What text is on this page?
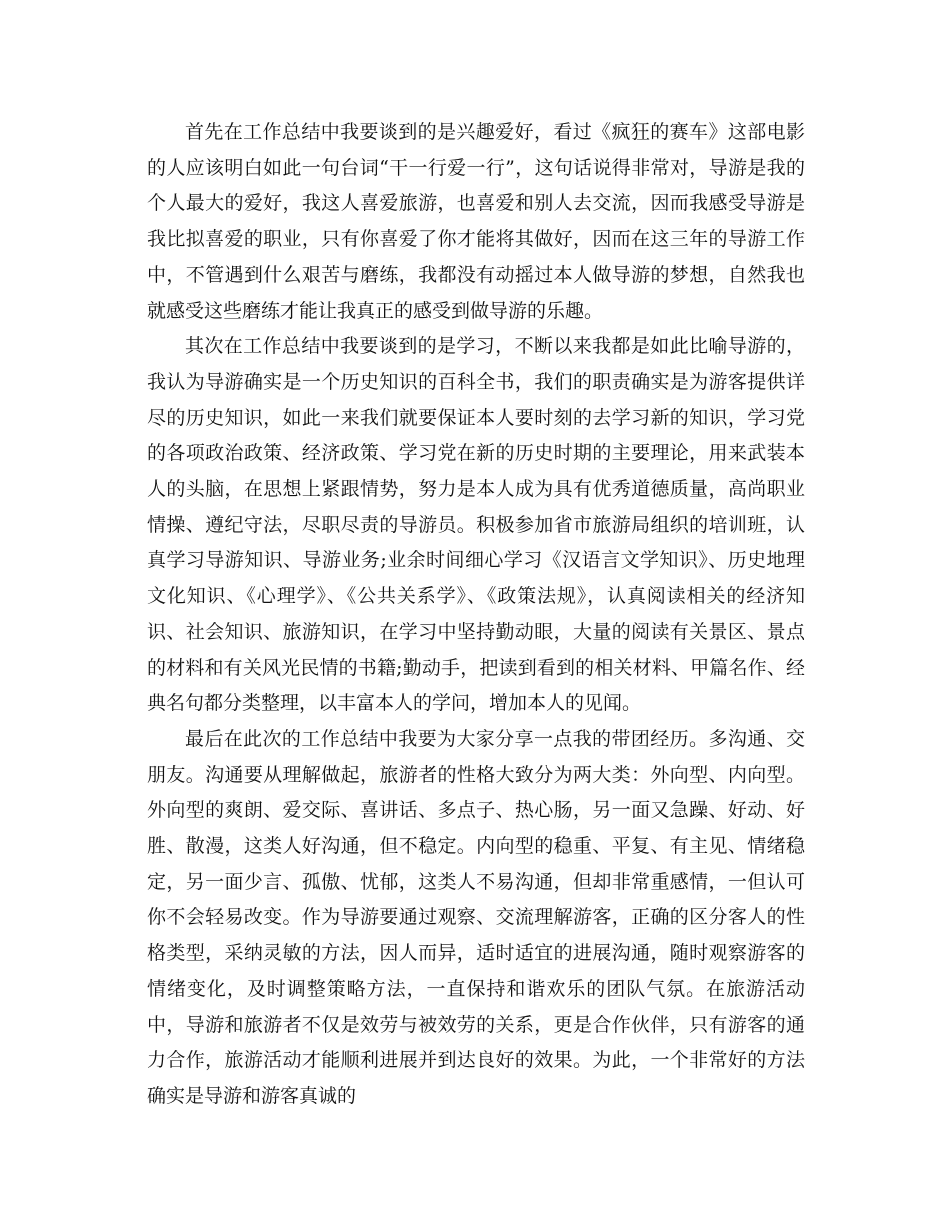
首先在工作总结中我要谈到的是兴趣爱好，看过《疯狂的赛车》这部电影的人应该明白如此一句台词“干一行爱一行”，这句话说得非常对，导游是我的个人最大的爱好，我这人喜爱旅游，也喜爱和别人去交流，因而我感受导游是我比拟喜爱的职业，只有你喜爱了你才能将其做好，因而在这三年的导游工作中，不管遇到什么艰苦与磨练，我都没有动摇过本人做导游的梦想，自然我也就感受这些磨练才能让我真正的感受到做导游的乐趣。

其次在工作总结中我要谈到的是学习，不断以来我都是如此比喻导游的，我认为导游确实是一个历史知识的百科全书，我们的职责确实是为游客提供详尽的历史知识，如此一来我们就要保证本人要时刻的去学习新的知识，学习党的各项政治政策、经济政策、学习党在新的历史时期的主要理论，用来武装本人的头脑，在思想上紧跟情势，努力是本人成为具有优秀道德质量，高尚职业情操、遵纪守法，尽职尽责的导游员。积极参加省市旅游局组织的培训班，认真学习导游知识、导游业务;业余时间细心学习《汉语言文学知识》、历史地理文化知识、《心理学》、《公共关系学》、《政策法规》，认真阅读相关的经济知识、社会知识、旅游知识，在学习中坚持勤动眼，大量的阅读有关景区、景点的材料和有关风光民情的书籍;勤动手，把读到看到的相关材料、甲篇名作、经典名句都分类整理，以丰富本人的学问，增加本人的见闻。

最后在此次的工作总结中我要为大家分享一点我的带团经历。多沟通、交朋友。沟通要从理解做起，旅游者的性格大致分为两大类：外向型、内向型。外向型的爽朗、爱交际、喜讲话、多点子、热心肠，另一面又急躁、好动、好胜、散漫，这类人好沟通，但不稳定。内向型的稳重、平复、有主见、情绪稳定，另一面少言、孤傲、忧郁，这类人不易沟通，但却非常重感情，一但认可你不会轻易改变。作为导游要通过观察、交流理解游客，正确的区分客人的性格类型，采纳灵敏的方法，因人而异，适时适宜的进展沟通，随时观察游客的情绪变化，及时调整策略方法，一直保持和谐欢乐的团队气氛。在旅游活动中，导游和旅游者不仅是效劳与被效劳的关系，更是合作伙伴，只有游客的通力合作，旅游活动才能顺利进展并到达良好的效果。为此，一个非常好的方法确实是导游和游客真诚的
